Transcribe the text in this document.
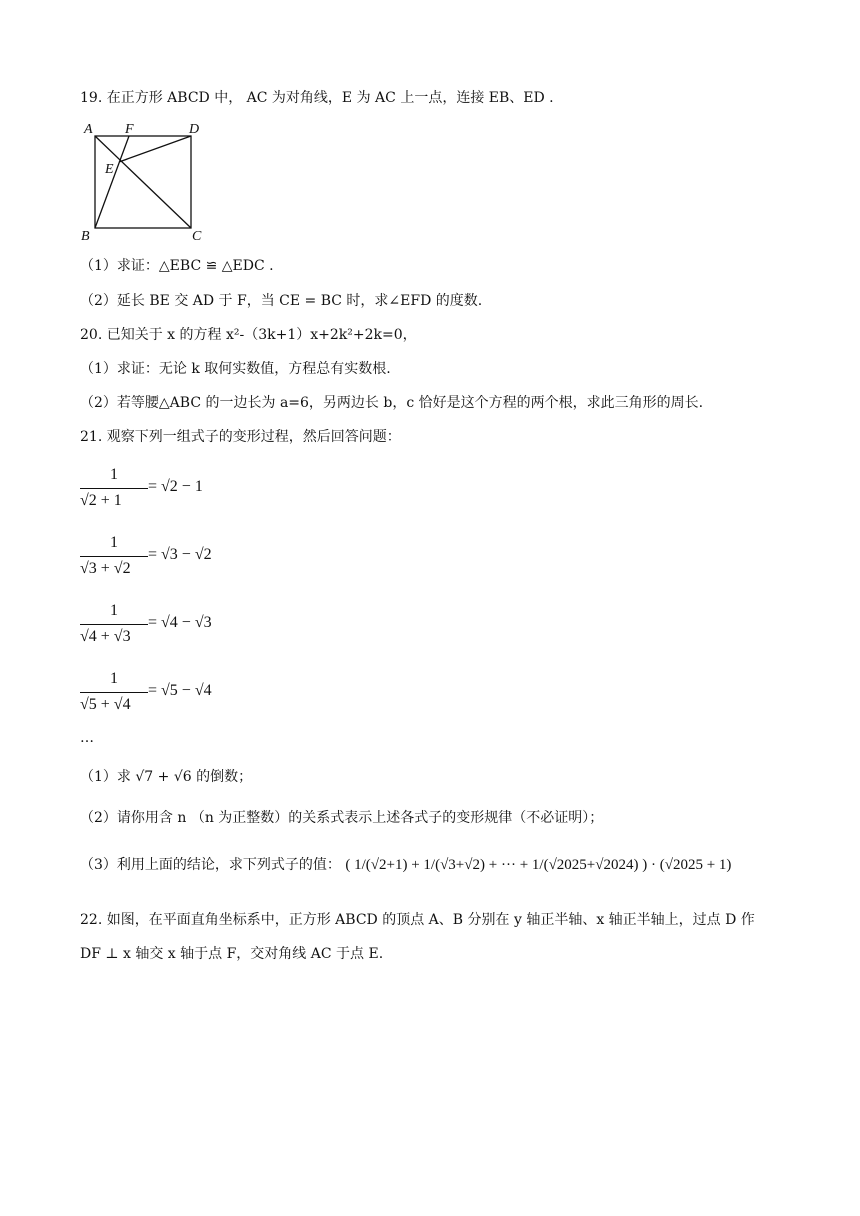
19. 在正方形 ABCD 中， AC 为对角线，E 为 AC 上一点，连接 EB、ED .
A F	D
E
B	C
（1）求证：△EBC ≌ △EDC .
（2）延长 BE 交 AD 于 F，当 CE = BC 时，求∠EFD 的度数.
20. 已知关于 x 的方程 x²-（3k+1）x+2k²+2k=0，
（1）求证：无论 k 取何实数值，方程总有实数根.
（2）若等腰△ABC 的一边长为 a=6，另两边长 b，c 恰好是这个方程的两个根，求此三角形的周长.
21. 观察下列一组式子的变形过程，然后回答问题：
1
√2 + 1
= √2 − 1
1
√3 + √2
= √3 − √2
1
√4 + √3
= √4 − √3
1
√5 + √4
= √5 − √4
…
（1）求 √7 + √6 的倒数；
（2）请你用含 n （n 为正整数）的关系式表示上述各式子的变形规律（不必证明）；
（3）利用上面的结论，求下列式子的值： ( 1/(√2+1) + 1/(√3+√2) + ··· + 1/(√2025+√2024) ) · (√2025 + 1)
22. 如图，在平面直角坐标系中，正方形 ABCD 的顶点 A、B 分别在 y 轴正半轴、x 轴正半轴上，过点 D 作
DF ⊥ x 轴交 x 轴于点 F，交对角线 AC 于点 E.
